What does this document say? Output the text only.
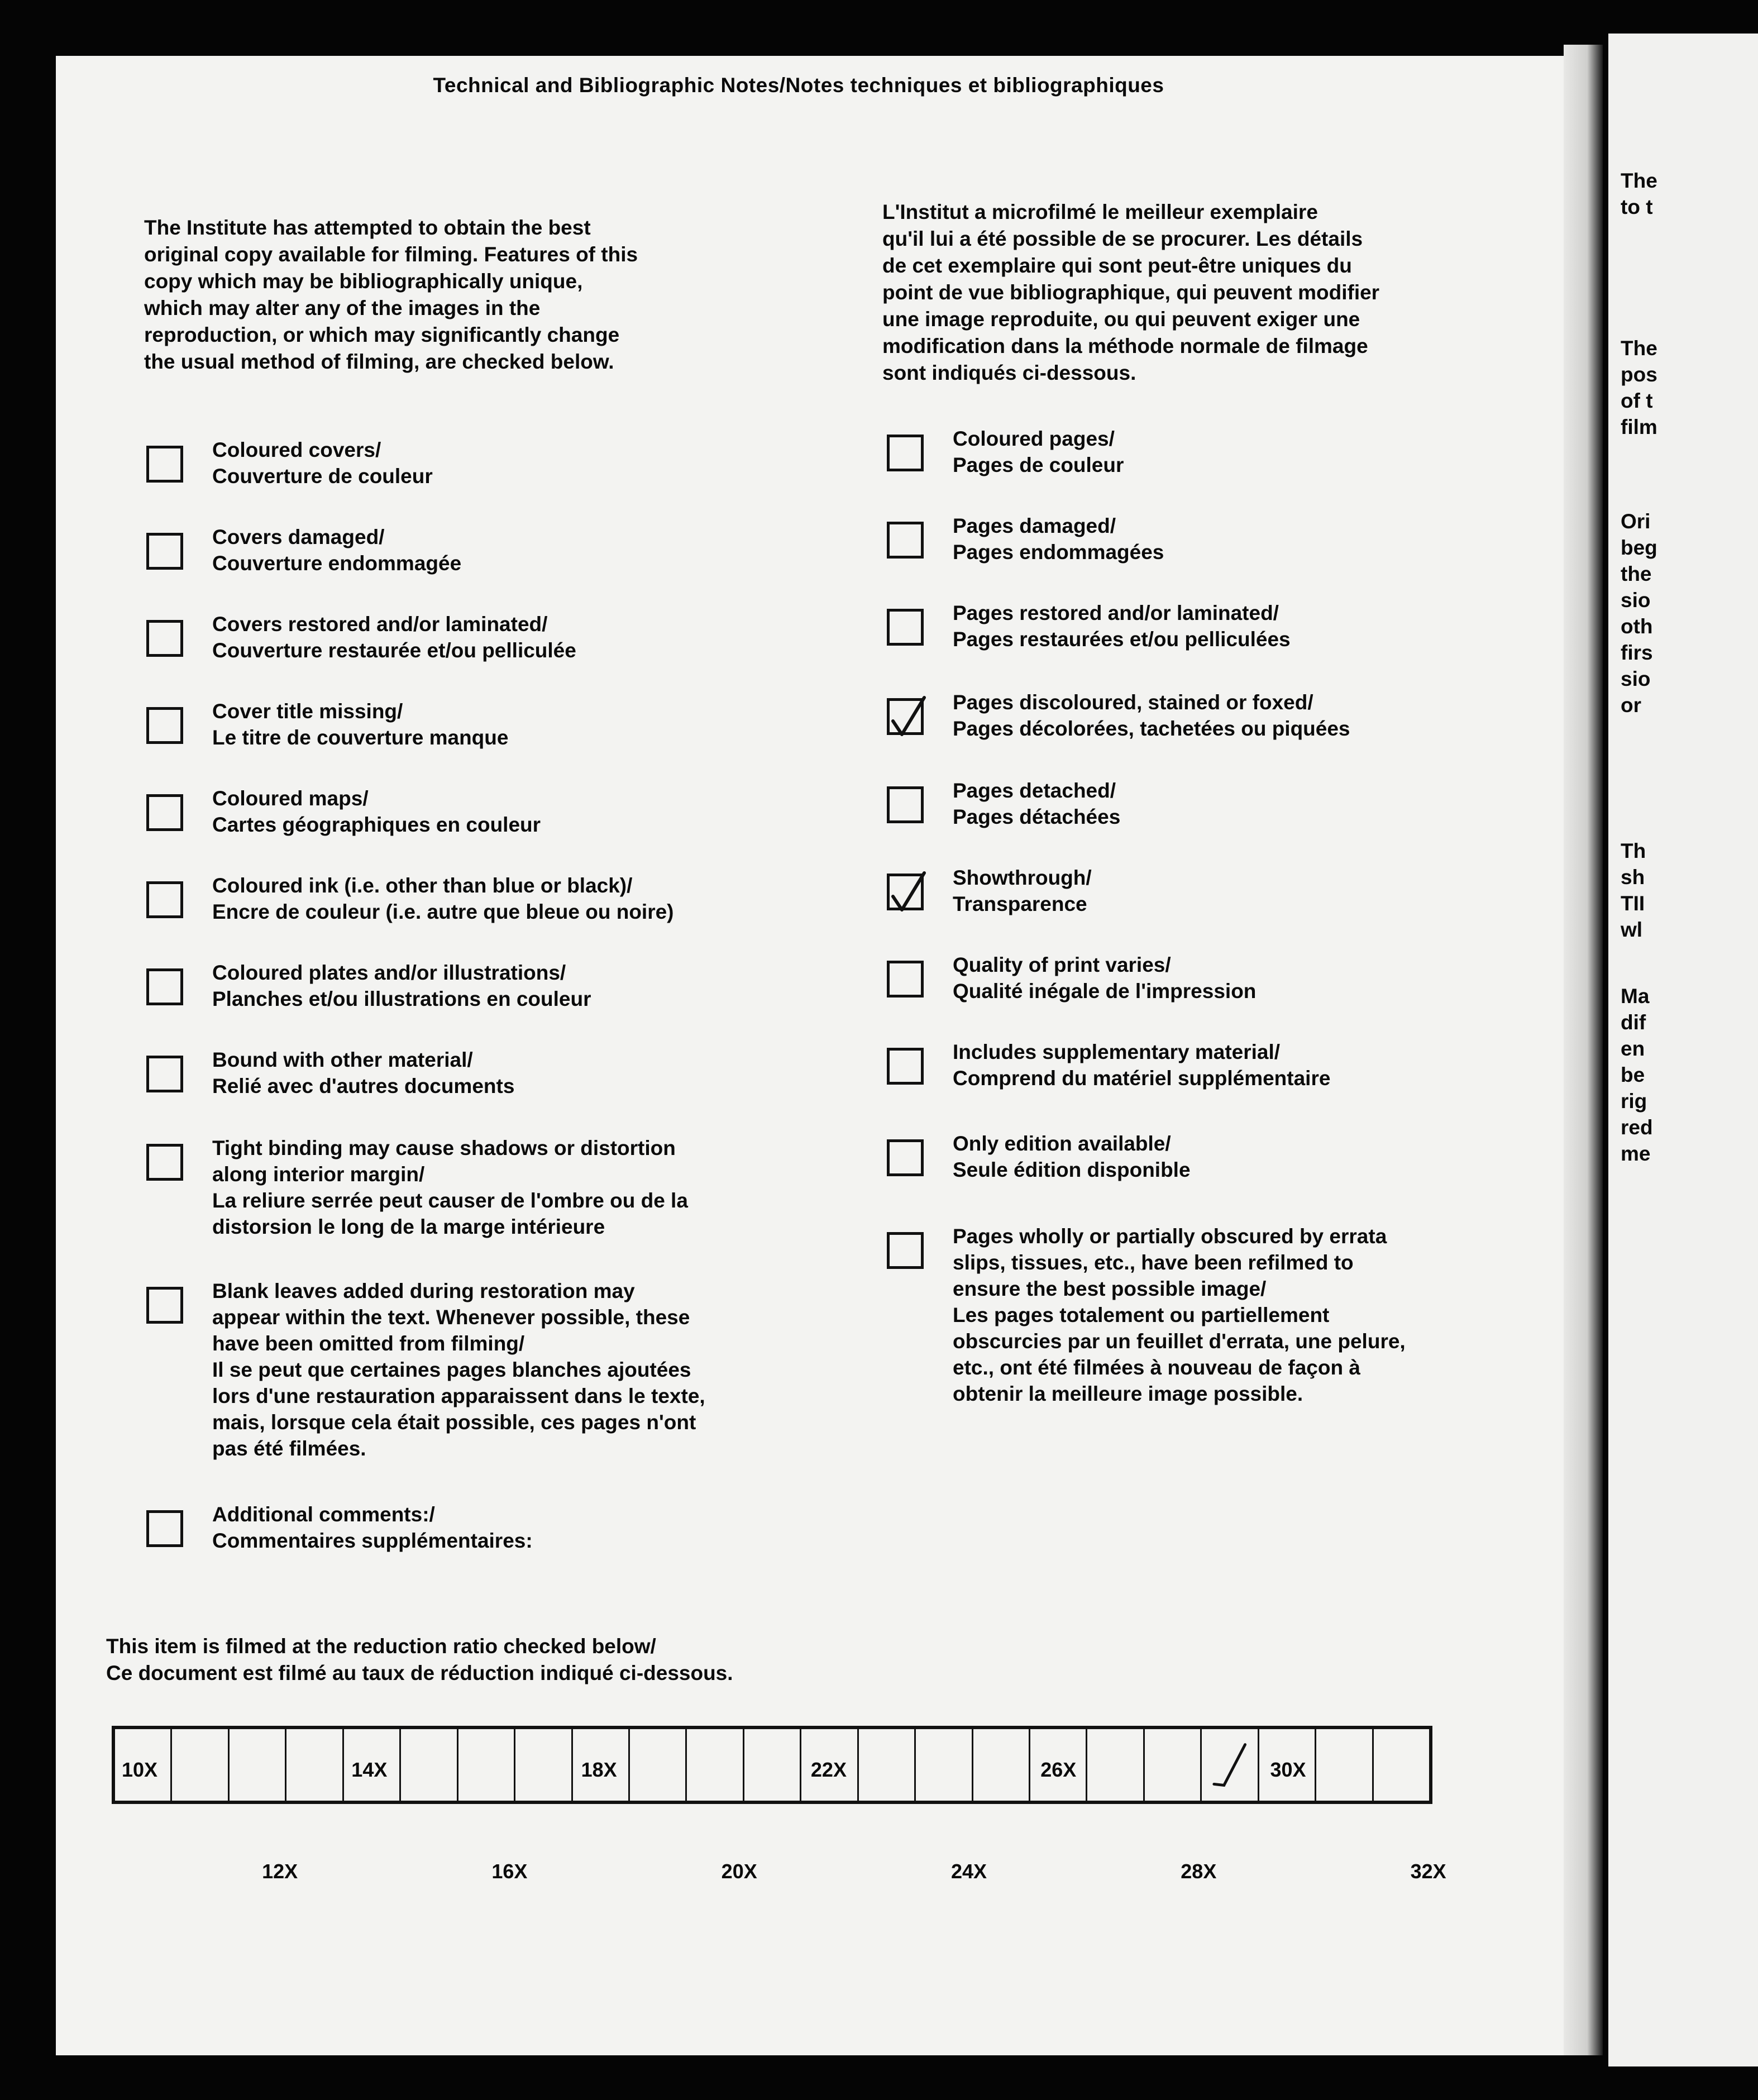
The
to t
The
pos
of t
film
Ori
beg
the
sio
oth
firs
sio
or
Th
sh
TII
wl
Ma
dif
en
be
rig
red
me
Technical and Bibliographic Notes/Notes techniques et bibliographiques
The Institute has attempted to obtain the best
original copy available for filming. Features of this
copy which may be bibliographically unique,
which may alter any of the images in the
reproduction, or which may significantly change
the usual method of filming, are checked below.
L'Institut a microfilmé le meilleur exemplaire
qu'il lui a été possible de se procurer. Les détails
de cet exemplaire qui sont peut-être uniques du
point de vue bibliographique, qui peuvent modifier
une image reproduite, ou qui peuvent exiger une
modification dans la méthode normale de filmage
sont indiqués ci-dessous.
Coloured covers/
Couverture de couleur
Covers damaged/
Couverture endommagée
Covers restored and/or laminated/
Couverture restaurée et/ou pelliculée
Cover title missing/
Le titre de couverture manque
Coloured maps/
Cartes géographiques en couleur
Coloured ink (i.e. other than blue or black)/
Encre de couleur (i.e. autre que bleue ou noire)
Coloured plates and/or illustrations/
Planches et/ou illustrations en couleur
Bound with other material/
Relié avec d'autres documents
Tight binding may cause shadows or distortion
along interior margin/
La reliure serrée peut causer de l'ombre ou de la
distorsion le long de la marge intérieure
Blank leaves added during restoration may
appear within the text. Whenever possible, these
have been omitted from filming/
Il se peut que certaines pages blanches ajoutées
lors d'une restauration apparaissent dans le texte,
mais, lorsque cela était possible, ces pages n'ont
pas été filmées.
Additional comments:/
Commentaires supplémentaires:
Coloured pages/
Pages de couleur
Pages damaged/
Pages endommagées
Pages restored and/or laminated/
Pages restaurées et/ou pelliculées
Pages discoloured, stained or foxed/
Pages décolorées, tachetées ou piquées
Pages detached/
Pages détachées
Showthrough/
Transparence
Quality of print varies/
Qualité inégale de l'impression
Includes supplementary material/
Comprend du matériel supplémentaire
Only edition available/
Seule édition disponible
Pages wholly or partially obscured by errata
slips, tissues, etc., have been refilmed to
ensure the best possible image/
Les pages totalement ou partiellement
obscurcies par un feuillet d'errata, une pelure,
etc., ont été filmées à nouveau de façon à
obtenir la meilleure image possible.
This item is filmed at the reduction ratio checked below/
Ce document est filmé au taux de réduction indiqué ci-dessous.
10X	14X	18X	22X	26X	30X
12X	16X	20X	24X	28X	32X
